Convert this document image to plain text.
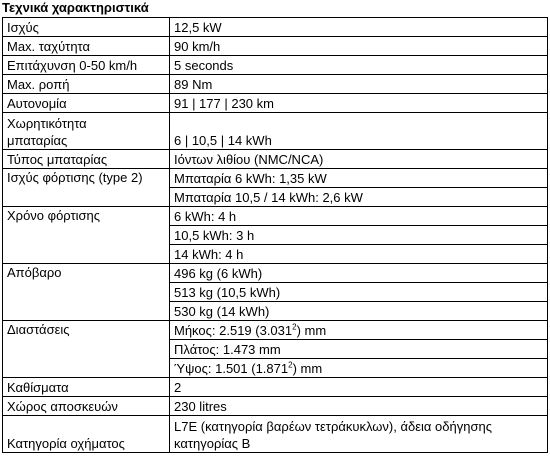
Τεχνικά χαρακτηριστικά
Ισχύς	12,5 kW
Max. ταχύτητα	90 km/h
Επιτάχυνση 0-50 km/h	5 seconds
Max. ροπή	89 Nm
Αυτονομία	91 | 177 | 230 km

Χωρητικότητα
μπαταρίας	6 | 10,5 | 14 kWh
Τύπος μπαταρίας	Ιόντων λιθίου (NMC/NCA)
Ισχύς φόρτισης (type 2)	Μπαταρία 6 kWh: 1,35 kW
	Μπαταρία 10,5 / 14 kWh: 2,6 kW
Χρόνο φόρτισης	6 kWh: 4 h
	10,5 kWh: 3 h
	14 kWh: 4 h
Απόβαρο	496 kg (6 kWh)
	513 kg (10,5 kWh)
	530 kg (14 kWh)
Διαστάσεις	Μήκος: 2.519 (3.031$^2$) mm
	Πλάτος: 1.473 mm
	Ύψος: 1.501 (1.871$^2$) mm
Καθίσματα	2
Χώρος αποσκευών	230 litres
Κατηγορία οχήματος	L7E (κατηγορία βαρέων τετράκυκλων), άδεια οδήγησης κατηγορίας Β
